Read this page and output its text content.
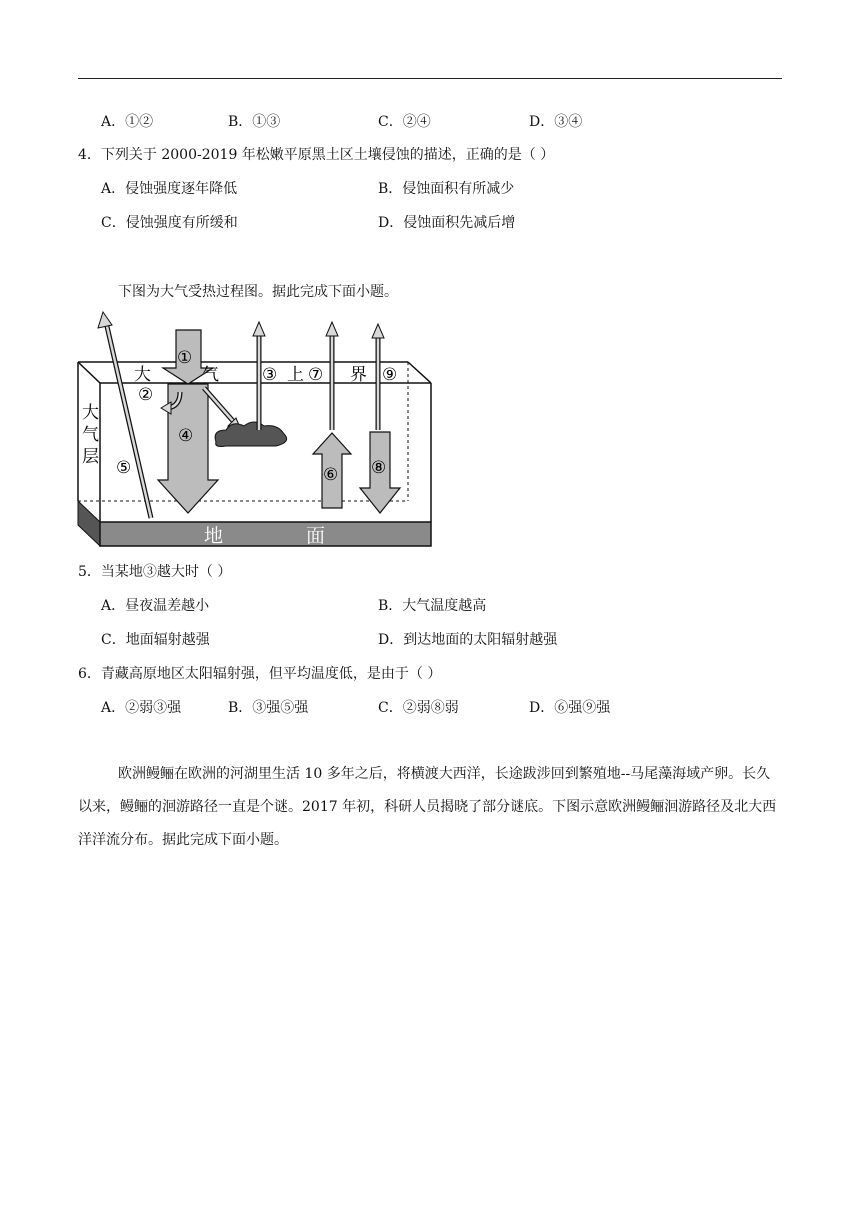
A．①②	B．①③	C．②④	D．③④
4．下列关于 2000-2019 年松嫩平原黑土区土壤侵蚀的描述，正确的是（ ）
A．侵蚀强度逐年降低	B．侵蚀面积有所减少
C．侵蚀强度有所缓和	D．侵蚀面积先减后增
下图为大气受热过程图。据此完成下面小题。
大	气	③ 上 ⑦ 界 ⑨
大
气
层
①
②
④
⑤	⑥ ⑧
地	面
5．当某地③越大时（ ）
A．昼夜温差越小	B．大气温度越高
C．地面辐射越强	D．到达地面的太阳辐射越强
6．青藏高原地区太阳辐射强，但平均温度低，是由于（ ）
A．②弱③强	B．③强⑤强	C．②弱⑧弱	D．⑥强⑨强
欧洲鳗鲡在欧洲的河湖里生活 10 多年之后，将横渡大西洋，长途跋涉回到繁殖地--马尾藻海域产卵。长久以来，鳗鲡的洄游路径一直是个谜。2017 年初，科研人员揭晓了部分谜底。下图示意欧洲鳗鲡洄游路径及北大西洋洋流分布。据此完成下面小题。
